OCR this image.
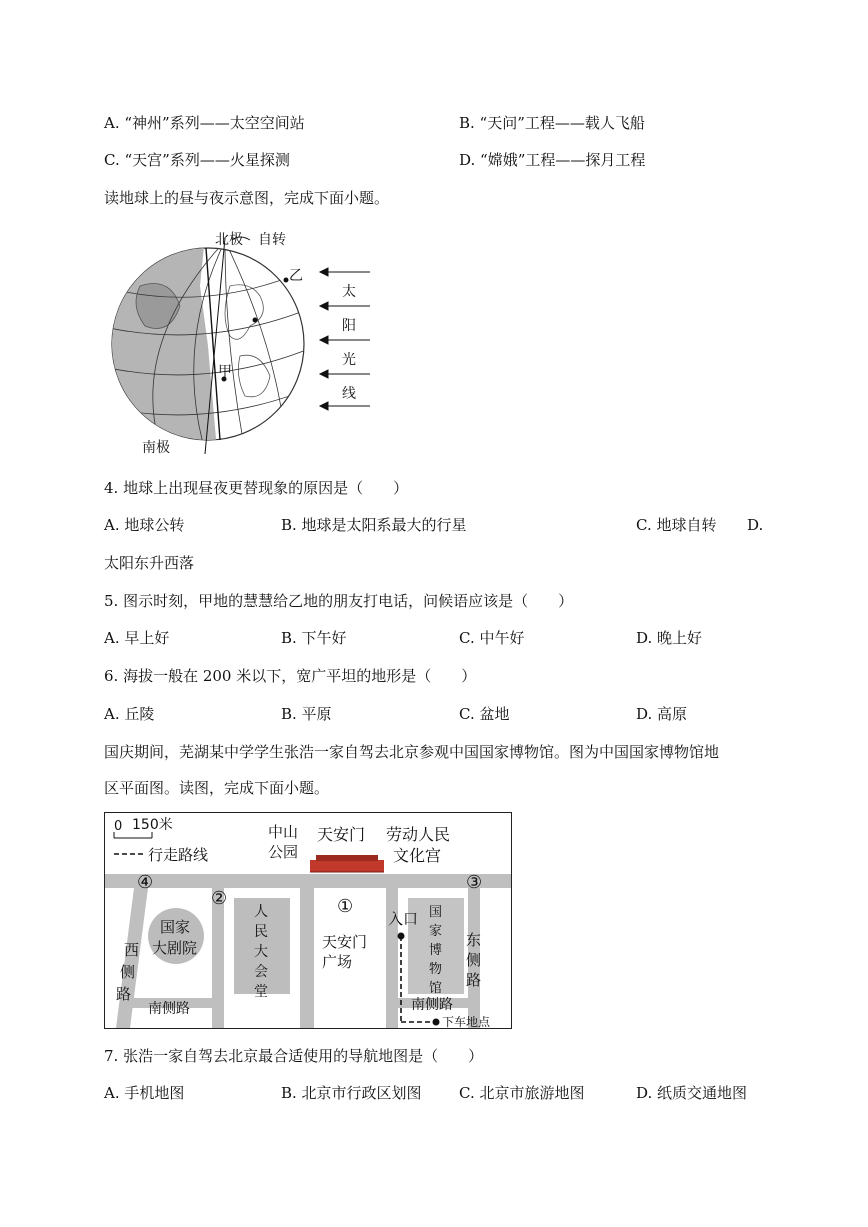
A. “神州”系列——太空空间站	B. “天问”工程——载人飞船
C. “天宫”系列——火星探测	D. “嫦娥”工程——探月工程
读地球上的昼与夜示意图，完成下面小题。
北极 自转
乙
甲
南极
太
阳
光
线
4. 地球上出现昼夜更替现象的原因是（　　）
A. 地球公转	B. 地球是太阳系最大的行星	C. 地球自转 D.
太阳东升西落
5. 图示时刻，甲地的慧慧给乙地的朋友打电话，问候语应该是（　　）
A. 早上好	B. 下午好	C. 中午好	D. 晚上好
6. 海拔一般在 200 米以下，宽广平坦的地形是（　　）
A. 丘陵	B. 平原	C. 盆地	D. 高原
国庆期间，芜湖某中学学生张浩一家自驾去北京参观中国国家博物馆。图为中国国家博物馆地
区平面图。读图，完成下面小题。
0 150米
行走路线
中山
公园
天安门 劳动人民
文化宫
④
②	①
③
国家
大剧院
人
民
大
会
堂
天安门
广场
入口 国
家
博
物
馆
东
侧
路
西
侧
路
南侧路	南侧路
下车地点
7. 张浩一家自驾去北京最合适使用的导航地图是（　　）
A. 手机地图	B. 北京市行政区划图 C. 北京市旅游地图	D. 纸质交通地图
